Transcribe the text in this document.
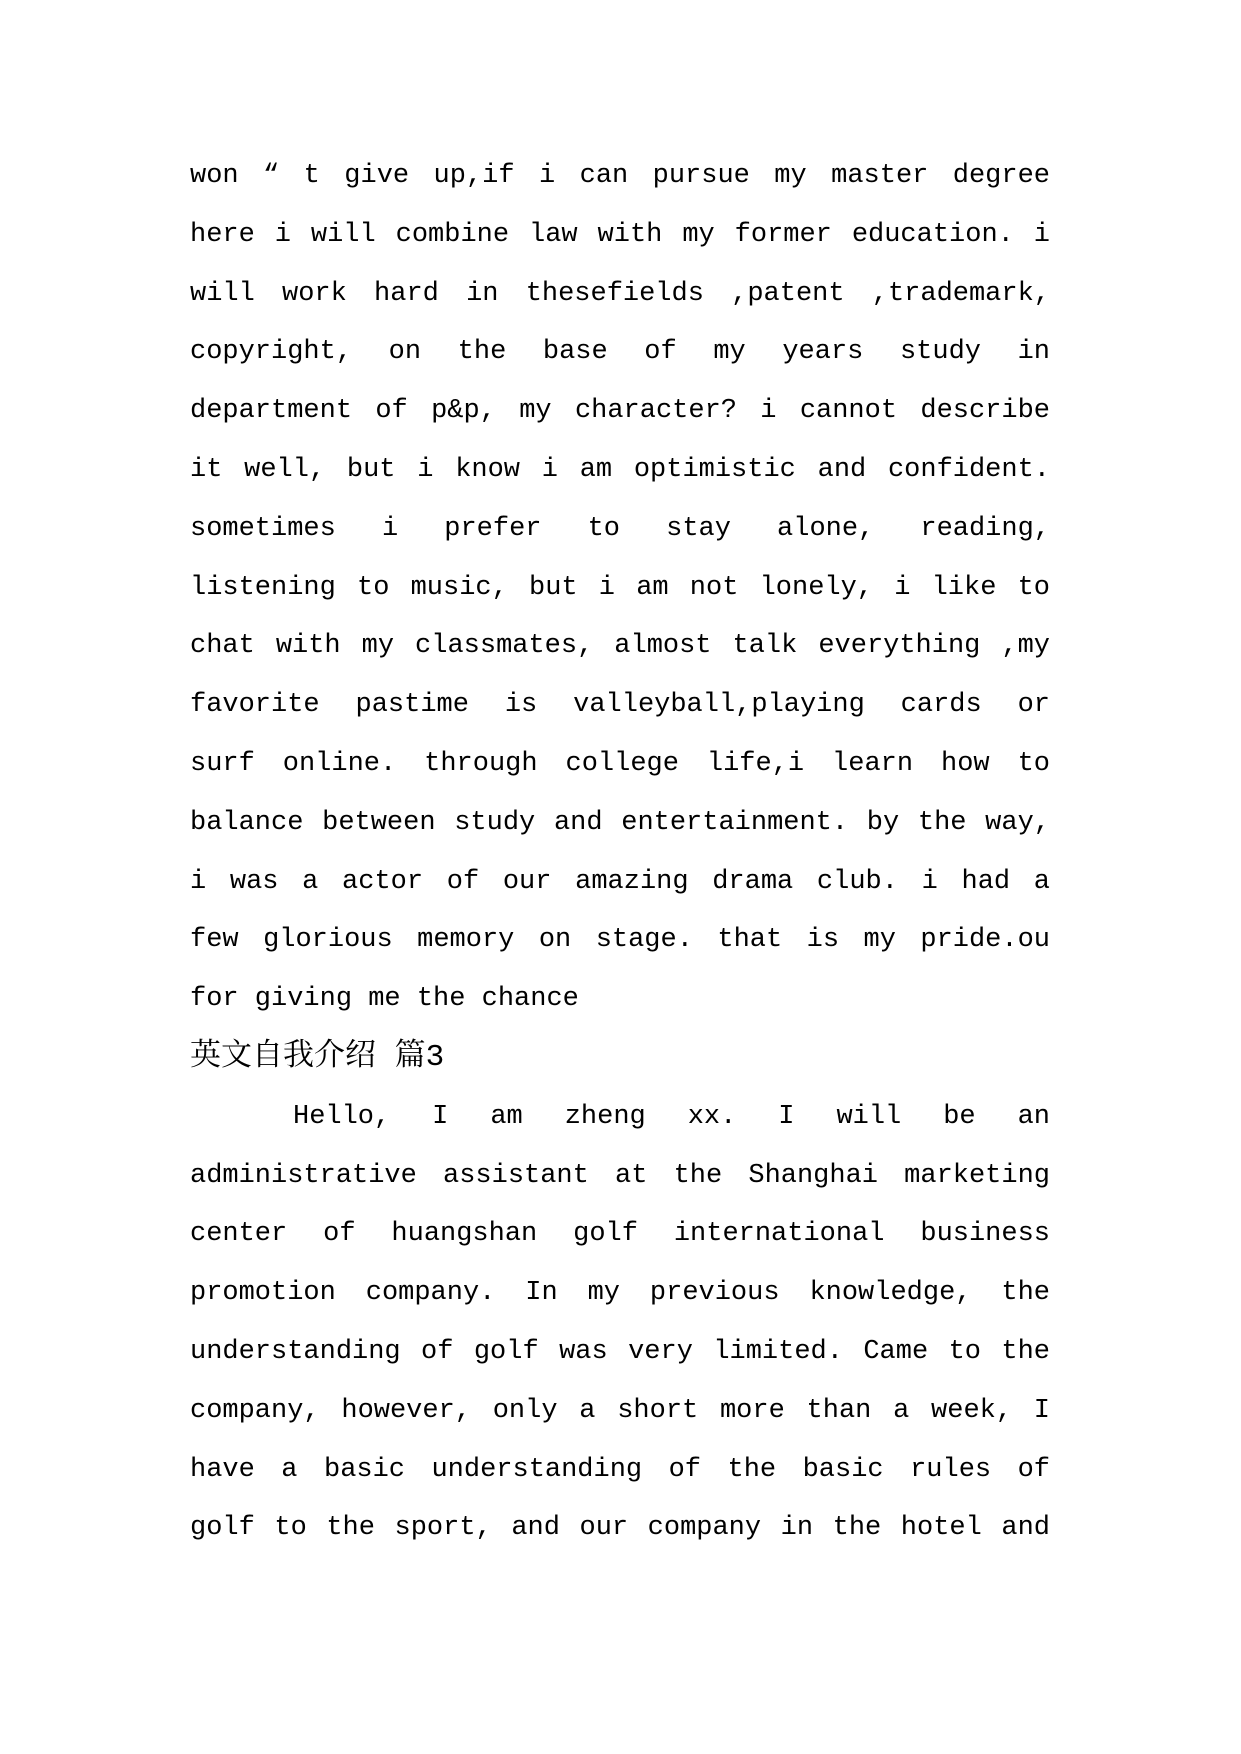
won “ t give up,if i can pursue my master degree
here i will combine law with my former education. i
will work hard in thesefields ,patent ,trademark,
copyright, on the base of my years study in
department of p&p, my character? i cannot describe
it well, but i know i am optimistic and confident.
sometimes i prefer to stay alone, reading,
listening to music, but i am not lonely, i like to
chat with my classmates, almost talk everything ,my
favorite pastime is valleyball,playing cards or
surf online. through college life,i learn how to
balance between study and entertainment. by the way,
i was a actor of our amazing drama club. i had a
few glorious memory on stage. that is my pride.ou
for giving me the chance
英文自我介绍 篇3
Hello, I am zheng xx. I will be an
administrative assistant at the Shanghai marketing
center of huangshan golf international business
promotion company. In my previous knowledge, the
understanding of golf was very limited. Came to the
company, however, only a short more than a week, I
have a basic understanding of the basic rules of
golf to the sport, and our company in the hotel and
